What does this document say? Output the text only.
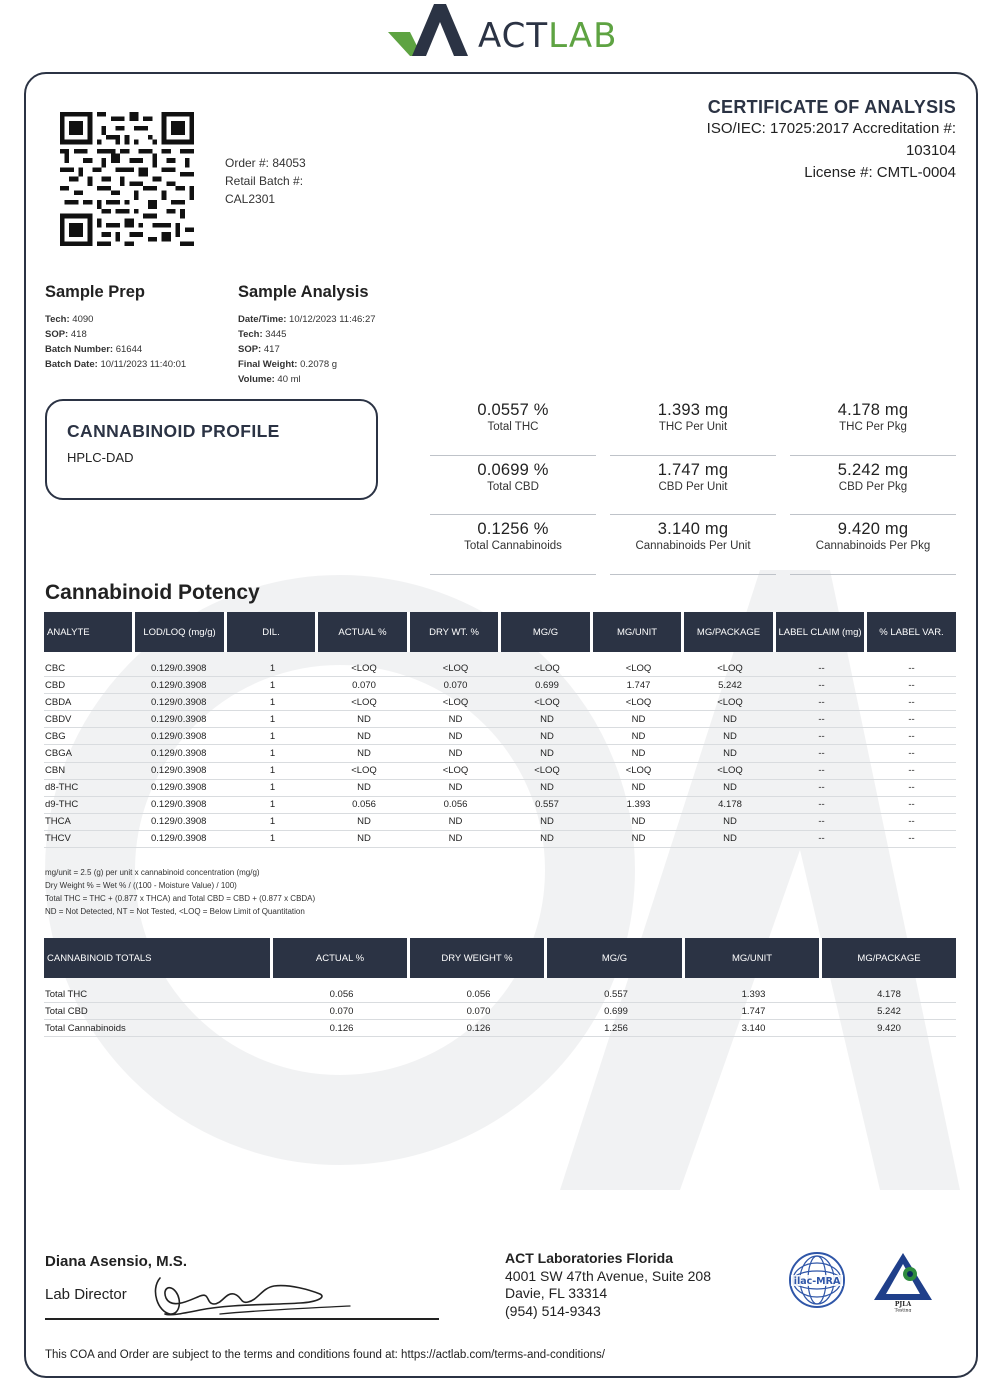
ACTLAB
Order #: 84053
Retail Batch #:
CAL2301
CERTIFICATE OF ANALYSIS
ISO/IEC: 17025:2017 Accreditation #:
103104
License #: CMTL-0004
Sample Prep
Tech: 4090
SOP: 418
Batch Number: 61644
Batch Date: 10/11/2023 11:40:01
Sample Analysis
Date/Time: 10/12/2023 11:46:27
Tech: 3445
SOP: 417
Final Weight: 0.2078 g
Volume: 40 ml
CANNABINOID PROFILE
HPLC-DAD
0.0557 %
Total THC
1.393 mg
THC Per Unit
4.178 mg
THC Per Pkg
0.0699 %
Total CBD
1.747 mg
CBD Per Unit
5.242 mg
CBD Per Pkg
0.1256 %
Total Cannabinoids
3.140 mg
Cannabinoids Per Unit
9.420 mg
Cannabinoids Per Pkg
Cannabinoid Potency
ANALYTE	LOD/LOQ (mg/g)	DIL.	ACTUAL %	DRY WT. %	MG/G	MG/UNIT	MG/PACKAGE	LABEL CLAIM (mg)	% LABEL VAR.

CBC	0.129/0.3908	1	<LOQ	<LOQ	<LOQ	<LOQ	<LOQ	--	--
CBD	0.129/0.3908	1	0.070	0.070	0.699	1.747	5.242	--	--
CBDA	0.129/0.3908	1	<LOQ	<LOQ	<LOQ	<LOQ	<LOQ	--	--
CBDV	0.129/0.3908	1	ND	ND	ND	ND	ND	--	--
CBG	0.129/0.3908	1	ND	ND	ND	ND	ND	--	--
CBGA	0.129/0.3908	1	ND	ND	ND	ND	ND	--	--
CBN	0.129/0.3908	1	<LOQ	<LOQ	<LOQ	<LOQ	<LOQ	--	--
d8-THC	0.129/0.3908	1	ND	ND	ND	ND	ND	--	--
d9-THC	0.129/0.3908	1	0.056	0.056	0.557	1.393	4.178	--	--
THCA	0.129/0.3908	1	ND	ND	ND	ND	ND	--	--
THCV	0.129/0.3908	1	ND	ND	ND	ND	ND	--	--
mg/unit = 2.5 (g) per unit x cannabinoid concentration (mg/g)
Dry Weight % = Wet % / ((100 - Moisture Value) / 100)
Total THC = THC + (0.877 x THCA) and Total CBD = CBD + (0.877 x CBDA)
ND = Not Detected, NT = Not Tested, <LOQ = Below Limit of Quantitation
CANNABINOID TOTALS	ACTUAL %	DRY WEIGHT %	MG/G	MG/UNIT	MG/PACKAGE

Total THC	0.056	0.056	0.557	1.393	4.178
Total CBD	0.070	0.070	0.699	1.747	5.242
Total Cannabinoids	0.126	0.126	1.256	3.140	9.420
Diana Asensio, M.S.
Lab Director
ACT Laboratories Florida
4001 SW 47th Avenue, Suite 208
Davie, FL 33314
(954) 514-9343
ilac-MRA
PJLA
Testing
This COA and Order are subject to the terms and conditions found at: https://actlab.com/terms-and-conditions/
